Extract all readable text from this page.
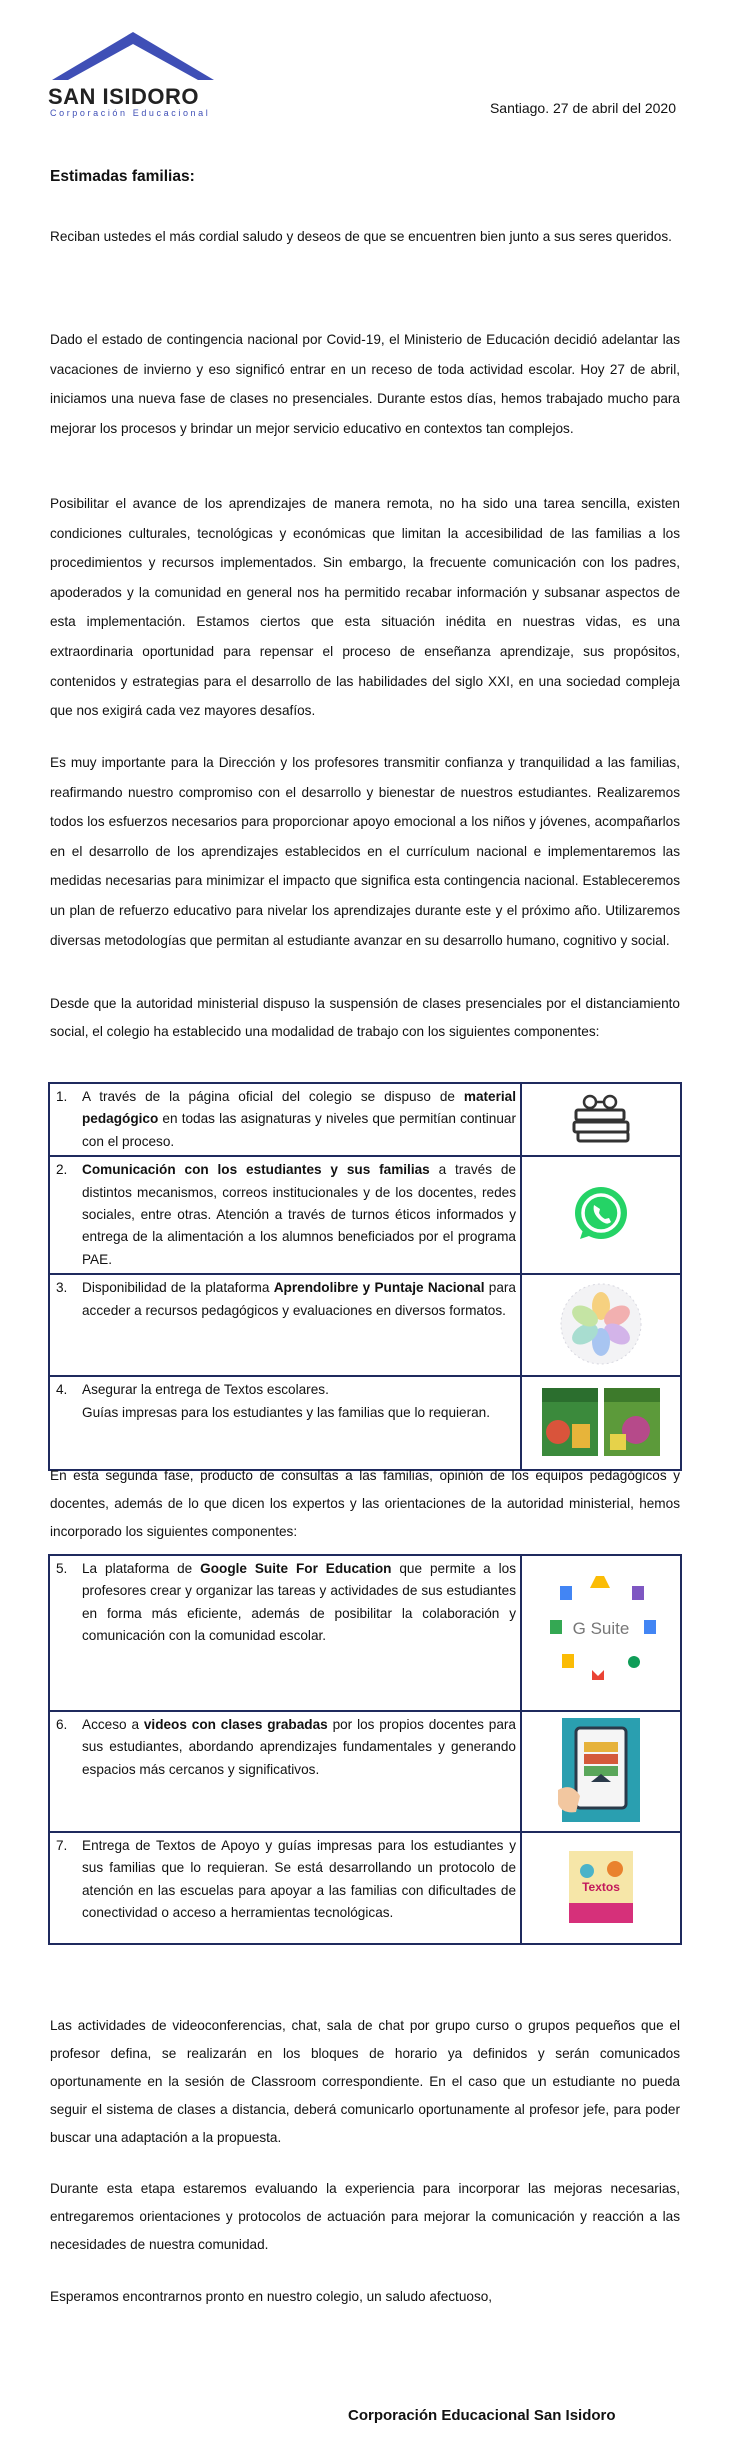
SAN ISIDORO
Corporación Educacional	Santiago. 27 de abril del 2020
Estimadas familias:
Reciban ustedes el más cordial saludo y deseos de que se encuentren bien junto a sus seres queridos.
Dado el estado de contingencia nacional por Covid-19, el Ministerio de Educación decidió adelantar las vacaciones de invierno y eso significó entrar en un receso de toda actividad escolar. Hoy 27 de abril, iniciamos una nueva fase de clases no presenciales. Durante estos días, hemos trabajado mucho para mejorar los procesos y brindar un mejor servicio educativo en contextos tan complejos.
Posibilitar el avance de los aprendizajes de manera remota, no ha sido una tarea sencilla, existen condiciones culturales, tecnológicas y económicas que limitan la accesibilidad de las familias a los procedimientos y recursos implementados. Sin embargo, la frecuente comunicación con los padres, apoderados y la comunidad en general nos ha permitido recabar información y subsanar aspectos de esta implementación. Estamos ciertos que esta situación inédita en nuestras vidas, es una extraordinaria oportunidad para repensar el proceso de enseñanza aprendizaje, sus propósitos, contenidos y estrategias para el desarrollo de las habilidades del siglo XXI, en una sociedad compleja que nos exigirá cada vez mayores desafíos.
Es muy importante para la Dirección y los profesores transmitir confianza y tranquilidad a las familias, reafirmando nuestro compromiso con el desarrollo y bienestar de nuestros estudiantes. Realizaremos todos los esfuerzos necesarios para proporcionar apoyo emocional a los niños y jóvenes, acompañarlos en el desarrollo de los aprendizajes establecidos en el currículum nacional e implementaremos las medidas necesarias para minimizar el impacto que significa esta contingencia nacional. Estableceremos un plan de refuerzo educativo para nivelar los aprendizajes durante este y el próximo año. Utilizaremos diversas metodologías que permitan al estudiante avanzar en su desarrollo humano, cognitivo y social.
Desde que la autoridad ministerial dispuso la suspensión de clases presenciales por el distanciamiento social, el colegio ha establecido una modalidad de trabajo con los siguientes componentes:
1. A través de la página oficial del colegio se dispuso de material pedagógico en todas las asignaturas y niveles que permitían continuar con el proceso.

2. Comunicación con los estudiantes y sus familias a través de distintos mecanismos, correos institucionales y de los docentes, redes sociales, entre otras. Atención a través de turnos éticos informados y entrega de la alimentación a los alumnos beneficiados por el programa PAE.

3. Disponibilidad de la plataforma Aprendolibre y Puntaje Nacional para acceder a recursos pedagógicos y evaluaciones en diversos formatos.

4. Asegurar la entrega de Textos escolares.
Guías impresas para los estudiantes y las familias que lo requieran.

En esta segunda fase, producto de consultas a las familias, opinión de los equipos pedagógicos y docentes, además de lo que dicen los expertos y las orientaciones de la autoridad ministerial, hemos incorporado los siguientes componentes:
5. La plataforma de Google Suite For Education que permite a los profesores crear y organizar las tareas y actividades de sus estudiantes en forma más eficiente, además de posibilitar la colaboración y comunicación con la comunidad escolar.	G Suite

6. Acceso a videos con clases grabadas por los propios docentes para sus estudiantes, abordando aprendizajes fundamentales y generando espacios más cercanos y significativos.

7. Entrega de Textos de Apoyo y guías impresas para los estudiantes y sus familias que lo requieran. Se está desarrollando un protocolo de atención en las escuelas para apoyar a las familias con dificultades de conectividad o acceso a herramientas tecnológicas.	Textos
Las actividades de videoconferencias, chat, sala de chat por grupo curso o grupos pequeños que el profesor defina, se realizarán en los bloques de horario ya definidos y serán comunicados oportunamente en la sesión de Classroom correspondiente. En el caso que un estudiante no pueda seguir el sistema de clases a distancia, deberá comunicarlo oportunamente al profesor jefe, para poder buscar una adaptación a la propuesta.
Durante esta etapa estaremos evaluando la experiencia para incorporar las mejoras necesarias, entregaremos orientaciones y protocolos de actuación para mejorar la comunicación y reacción a las necesidades de nuestra comunidad.
Esperamos encontrarnos pronto en nuestro colegio, un saludo afectuoso,
Corporación Educacional San Isidoro
